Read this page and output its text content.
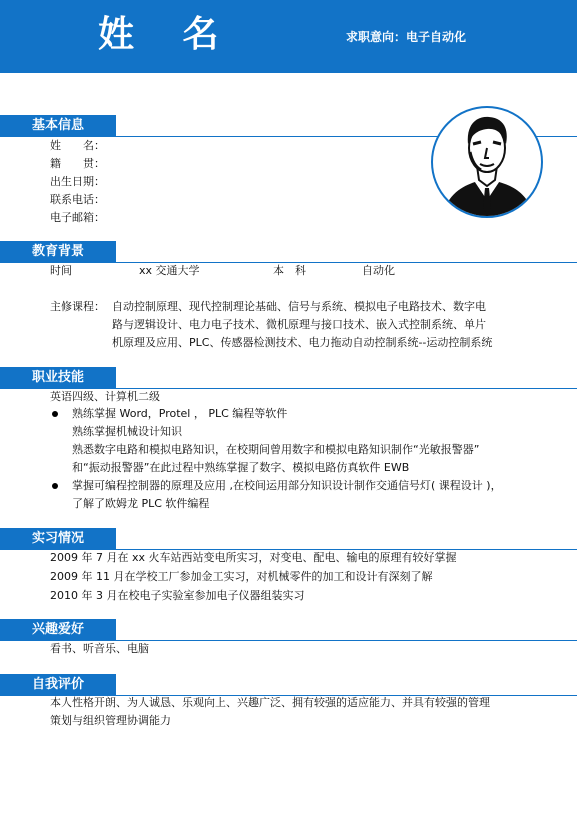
姓 名	求职意向：电子自动化
基本信息
姓　　名：
籍　　贯：
出生日期：
联系电话：
电子邮箱：
教育背景
时间	xx 交通大学	本　科	自动化
主修课程： 自动控制原理、现代控制理论基础、信号与系统、模拟电子电路技术、数字电
路与逻辑设计、电力电子技术、微机原理与接口技术、嵌入式控制系统、单片
机原理及应用、PLC、传感器检测技术、电力拖动自动控制系统--运动控制系统
职业技能
英语四级、计算机二级
熟练掌握 Word，Protel ， PLC 编程等软件
熟练掌握机械设计知识
熟悉数字电路和模拟电路知识，在校期间曾用数字和模拟电路知识制作“光敏报警器”
和“振动报警器”在此过程中熟练掌握了数字、模拟电路仿真软件 EWB
掌握可编程控制器的原理及应用 ,在校间运用部分知识设计制作交通信号灯( 课程设计 )，
了解了欧姆龙 PLC 软件编程
实习情况
2009 年 7 月在 xx 火车站西站变电所实习，对变电、配电、输电的原理有较好掌握
2009 年 11 月在学校工厂参加金工实习，对机械零件的加工和设计有深刻了解
2010 年 3 月在校电子实验室参加电子仪器组装实习
兴趣爱好
看书、听音乐、电脑
自我评价
本人性格开朗、为人诚恳、乐观向上、兴趣广泛、拥有较强的适应能力、并具有较强的管理
策划与组织管理协调能力
